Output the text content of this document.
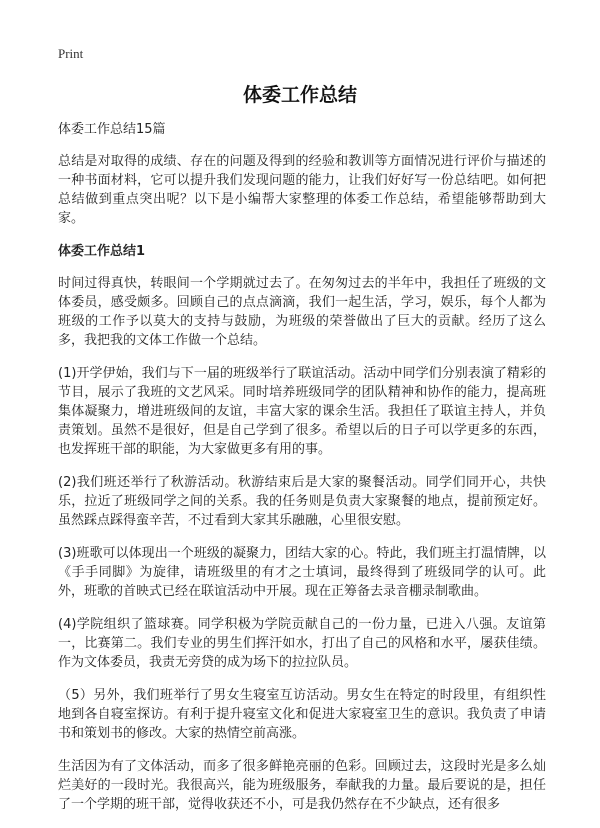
Print
体委工作总结

体委工作总结15篇

总结是对取得的成绩、存在的问题及得到的经验和教训等方面情况进行评价与描述的一种书面材料，它可以提升我们发现问题的能力，让我们好好写一份总结吧。如何把总结做到重点突出呢？以下是小编帮大家整理的体委工作总结，希望能够帮助到大家。

体委工作总结1

时间过得真快，转眼间一个学期就过去了。在匆匆过去的半年中，我担任了班级的文体委员，感受颇多。回顾自己的点点滴滴，我们一起生活，学习，娱乐，每个人都为班级的工作予以莫大的支持与鼓励，为班级的荣誉做出了巨大的贡献。经历了这么多，我把我的文体工作做一个总结。

(1)开学伊始，我们与下一届的班级举行了联谊活动。活动中同学们分别表演了精彩的节目，展示了我班的文艺风采。同时培养班级同学的团队精神和协作的能力，提高班集体凝聚力，增进班级间的友谊，丰富大家的课余生活。我担任了联谊主持人，并负责策划。虽然不是很好，但是自己学到了很多。希望以后的日子可以学更多的东西，也发挥班干部的职能，为大家做更多有用的事。

(2)我们班还举行了秋游活动。秋游结束后是大家的聚餐活动。同学们同开心，共快乐，拉近了班级同学之间的关系。我的任务则是负责大家聚餐的地点，提前预定好。虽然踩点踩得蛮辛苦，不过看到大家其乐融融，心里很安慰。

(3)班歌可以体现出一个班级的凝聚力，团结大家的心。特此，我们班主打温情牌，以《手手同脚》为旋律，请班级里的有才之士填词，最终得到了班级同学的认可。此外，班歌的首映式已经在联谊活动中开展。现在正筹备去录音棚录制歌曲。

(4)学院组织了篮球赛。同学积极为学院贡献自己的一份力量，已进入八强。友谊第一，比赛第二。我们专业的男生们挥汗如水，打出了自己的风格和水平，屡获佳绩。作为文体委员，我责无旁贷的成为场下的拉拉队员。

（5）另外，我们班举行了男女生寝室互访活动。男女生在特定的时段里，有组织性地到各自寝室探访。有利于提升寝室文化和促进大家寝室卫生的意识。我负责了申请书和策划书的修改。大家的热情空前高涨。

生活因为有了文体活动，而多了很多鲜艳亮丽的色彩。回顾过去，这段时光是多么灿烂美好的一段时光。我很高兴，能为班级服务，奉献我的力量。最后要说的是，担任了一个学期的班干部，觉得收获还不小，可是我仍然存在不少缺点，还有很多
